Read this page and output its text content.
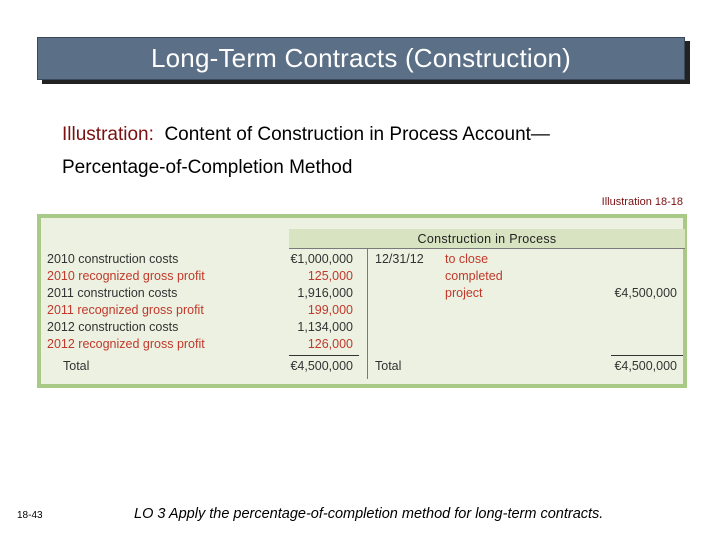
Long-Term Contracts (Construction)
Illustration: Content of Construction in Process Account—
Percentage-of-Completion Method
Illustration 18-18
Construction in Process
2010 construction costs	€1,000,000
2010 recognized gross profit	125,000
2011 construction costs	1,916,000
2011 recognized gross profit	199,000
2012 construction costs	1,134,000
2012 recognized gross profit	126,000
12/31/12 to close
completed
project	€4,500,000
Total	€4,500,000 Total	€4,500,000
18-43	LO 3 Apply the percentage-of-completion method for long-term contracts.
